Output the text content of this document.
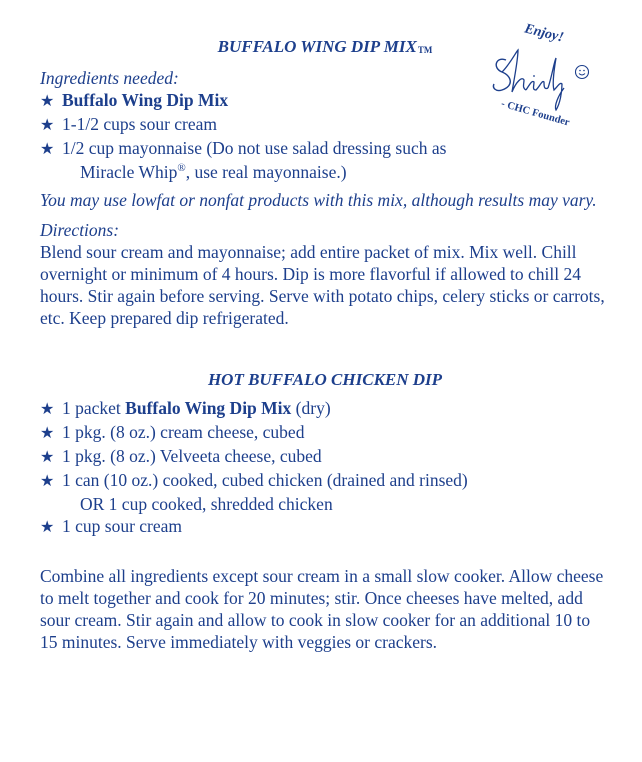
Enjoy!
- CHC Founder
BUFFALO WING DIP MIXTM

Ingredients needed:

★ Buffalo Wing Dip Mix
★ 1-1/2 cups sour cream
★ 1/2 cup mayonnaise (Do not use salad dressing such as
Miracle Whip®, use real mayonnaise.)

You may use lowfat or nonfat products with this mix, although results may vary.

Directions:

Blend sour cream and mayonnaise; add entire packet of mix. Mix well. Chill overnight or minimum of 4 hours. Dip is more flavorful if allowed to chill 24 hours. Stir again before serving. Serve with potato chips, celery sticks or carrots, etc. Keep prepared dip refrigerated.

HOT BUFFALO CHICKEN DIP
★ 1 packet Buffalo Wing Dip Mix (dry)
★ 1 pkg. (8 oz.) cream cheese, cubed
★ 1 pkg. (8 oz.) Velveeta cheese, cubed
★ 1 can (10 oz.) cooked, cubed chicken (drained and rinsed)
OR 1 cup cooked, shredded chicken
★ 1 cup sour cream

Combine all ingredients except sour cream in a small slow cooker. Allow cheese to melt together and cook for 20 minutes; stir. Once cheeses have melted, add sour cream. Stir again and allow to cook in slow cooker for an additional 10 to 15 minutes. Serve immediately with veggies or crackers.
